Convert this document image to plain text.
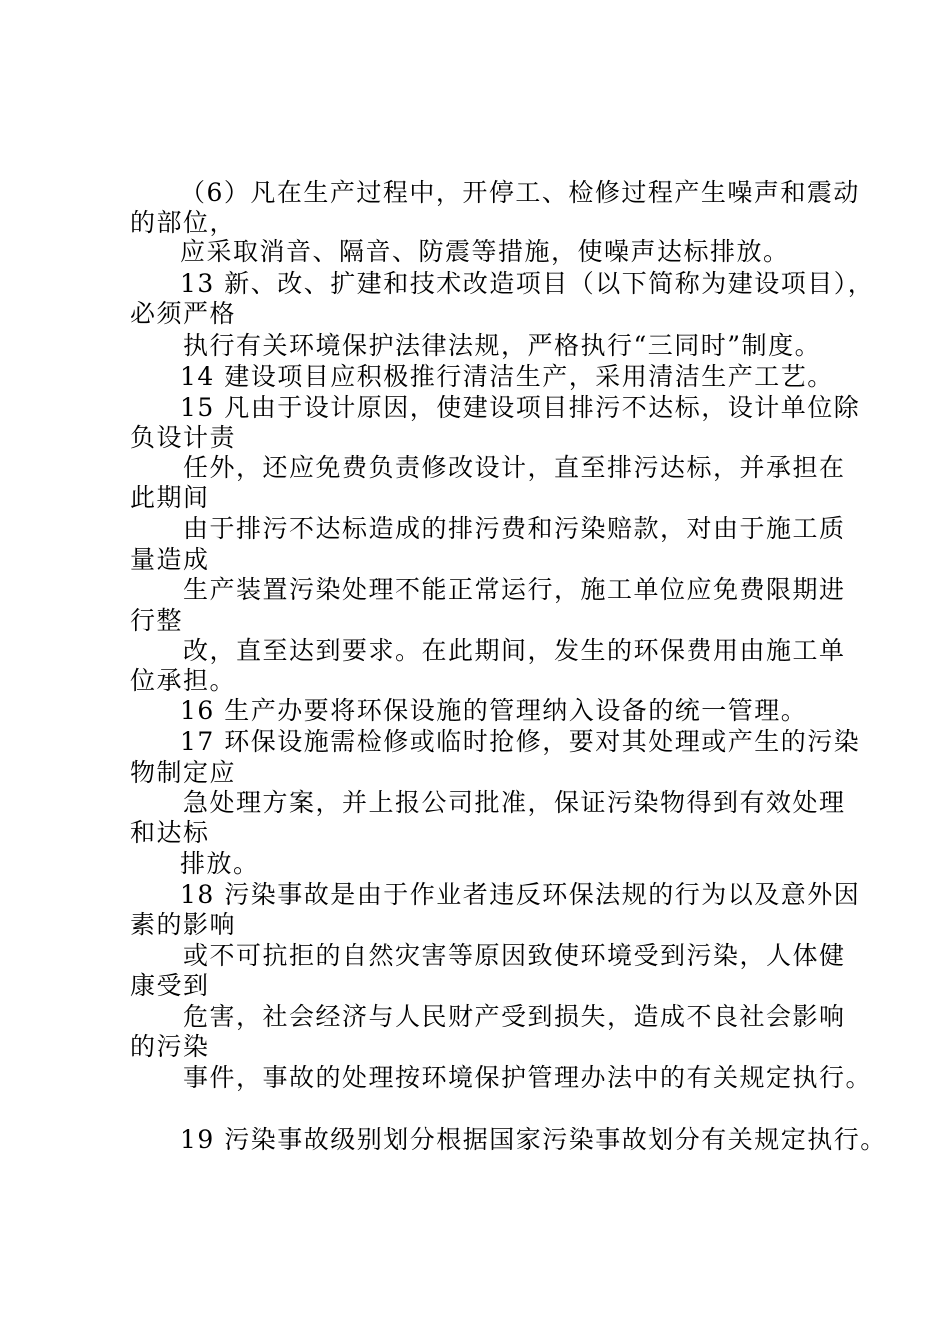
（6）凡在生产过程中，开停工、检修过程产生噪声和震动
的部位，
应采取消音、隔音、防震等措施，使噪声达标排放。
13 新、改、扩建和技术改造项目（以下简称为建设项目），
必须严格
执行有关环境保护法律法规，严格执行“三同时”制度。
14 建设项目应积极推行清洁生产，采用清洁生产工艺。
15 凡由于设计原因，使建设项目排污不达标，设计单位除
负设计责
任外，还应免费负责修改设计，直至排污达标，并承担在
此期间
由于排污不达标造成的排污费和污染赔款，对由于施工质
量造成
生产装置污染处理不能正常运行，施工单位应免费限期进
行整
改，直至达到要求。在此期间，发生的环保费用由施工单
位承担。
16 生产办要将环保设施的管理纳入设备的统一管理。
17 环保设施需检修或临时抢修，要对其处理或产生的污染
物制定应
急处理方案，并上报公司批准，保证污染物得到有效处理
和达标
排放。
18 污染事故是由于作业者违反环保法规的行为以及意外因
素的影响
或不可抗拒的自然灾害等原因致使环境受到污染，人体健
康受到
危害，社会经济与人民财产受到损失，造成不良社会影响
的污染
事件，事故的处理按环境保护管理办法中的有关规定执行。
19 污染事故级别划分根据国家污染事故划分有关规定执行。
